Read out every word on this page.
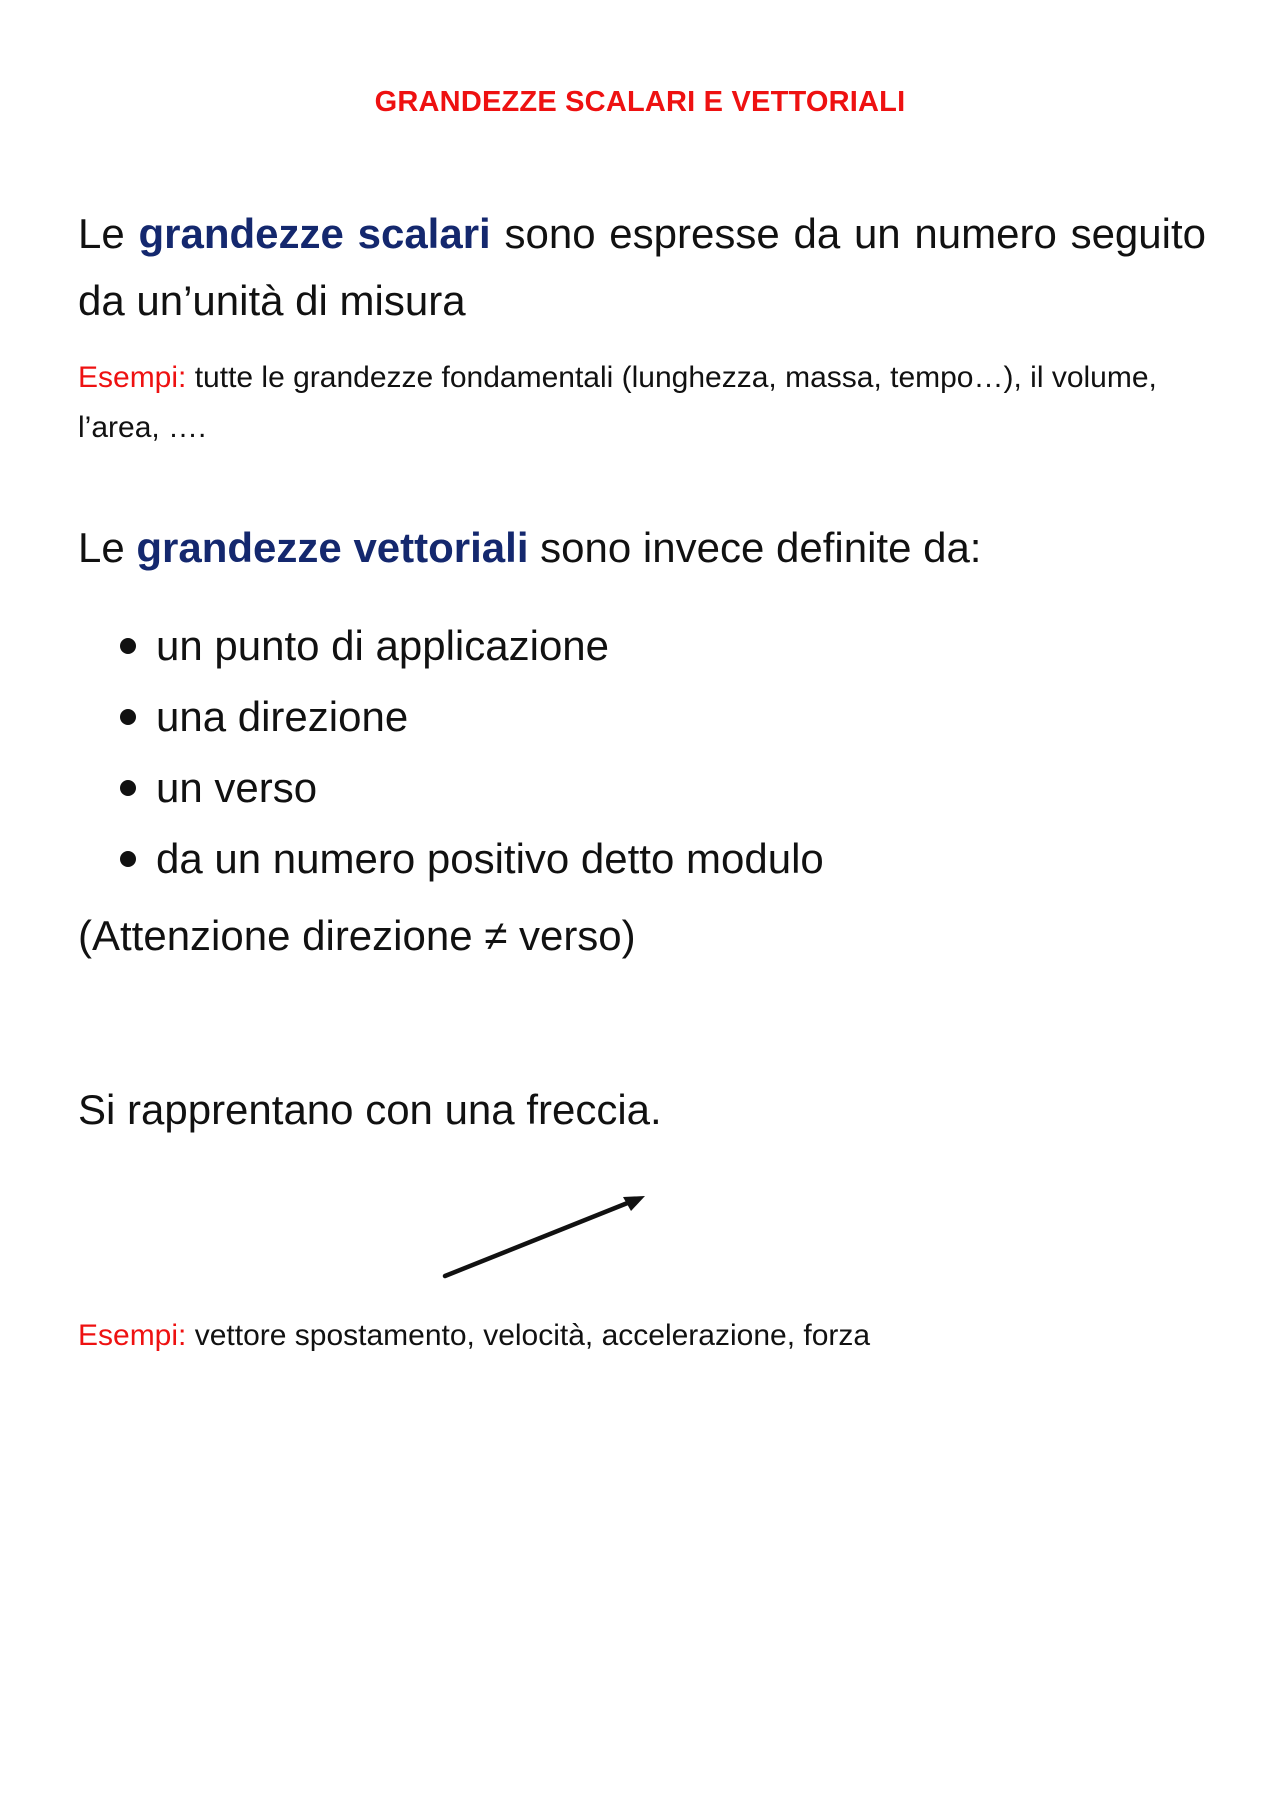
GRANDEZZE SCALARI E VETTORIALI

Le grandezze scalari sono espresse da un numero seguito da un’unità di misura

Esempi: tutte le grandezze fondamentali (lunghezza, massa, tempo…), il volume, l’area, ….
Le grandezze vettoriali sono invece definite da:
un punto di applicazione
una direzione
un verso
da un numero positivo detto modulo
(Attenzione direzione ≠ verso)
Si rapprentano con una freccia.
Esempi: vettore spostamento, velocità, accelerazione, forza
